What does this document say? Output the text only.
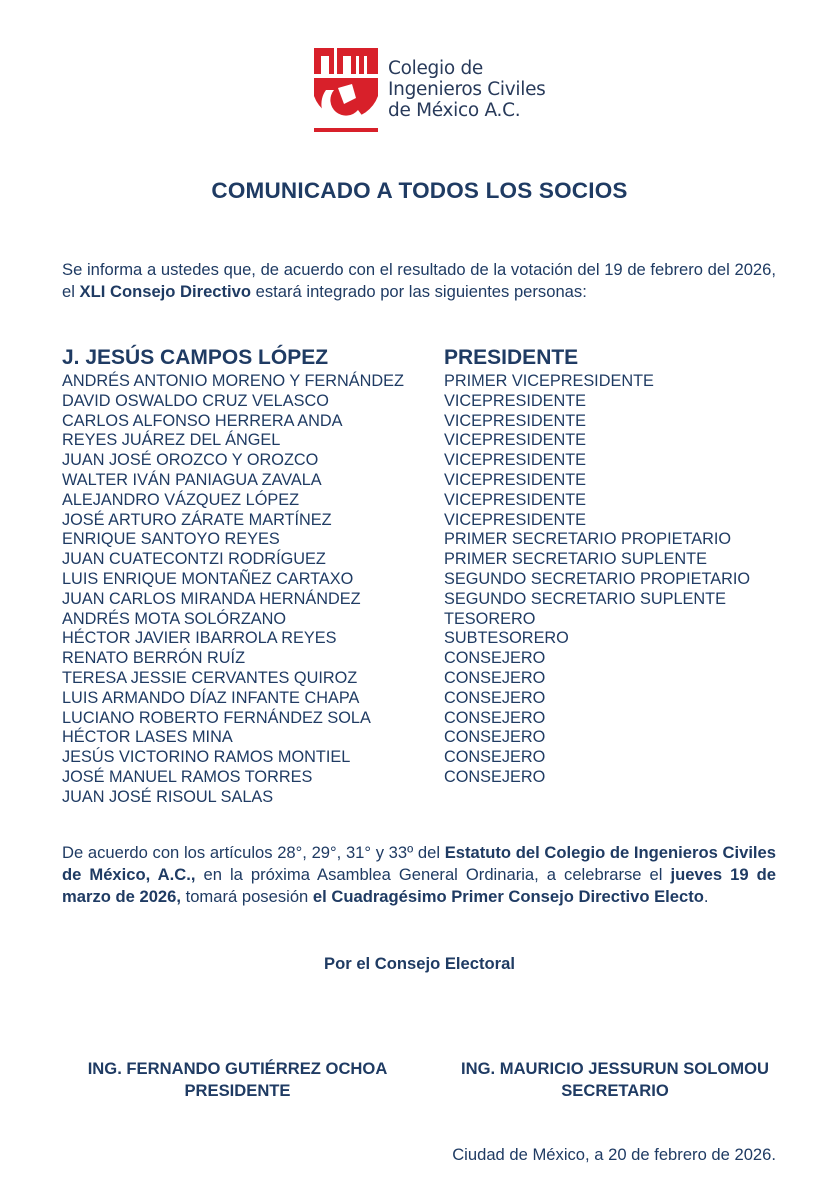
Colegio de
Ingenieros Civiles
de México A.C.
COMUNICADO A TODOS LOS SOCIOS
Se informa a ustedes que, de acuerdo con el resultado de la votación del 19 de febrero del 2026, el XLI Consejo Directivo estará integrado por las siguientes personas:
J. JESÚS CAMPOS LÓPEZ	PRESIDENTE
ANDRÉS ANTONIO MORENO Y FERNÁNDEZ	PRIMER VICEPRESIDENTE
DAVID OSWALDO CRUZ VELASCO	VICEPRESIDENTE
CARLOS ALFONSO HERRERA ANDA	VICEPRESIDENTE
REYES JUÁREZ DEL ÁNGEL	VICEPRESIDENTE
JUAN JOSÉ OROZCO Y OROZCO	VICEPRESIDENTE
WALTER IVÁN PANIAGUA ZAVALA	VICEPRESIDENTE
ALEJANDRO VÁZQUEZ LÓPEZ	VICEPRESIDENTE
JOSÉ ARTURO ZÁRATE MARTÍNEZ	VICEPRESIDENTE
ENRIQUE SANTOYO REYES	PRIMER SECRETARIO PROPIETARIO
JUAN CUATECONTZI RODRÍGUEZ	PRIMER SECRETARIO SUPLENTE
LUIS ENRIQUE MONTAÑEZ CARTAXO	SEGUNDO SECRETARIO PROPIETARIO
JUAN CARLOS MIRANDA HERNÁNDEZ	SEGUNDO SECRETARIO SUPLENTE
ANDRÉS MOTA SOLÓRZANO	TESORERO
HÉCTOR JAVIER IBARROLA REYES	SUBTESORERO
RENATO BERRÓN RUÍZ	CONSEJERO
TERESA JESSIE CERVANTES QUIROZ	CONSEJERO
LUIS ARMANDO DÍAZ INFANTE CHAPA	CONSEJERO
LUCIANO ROBERTO FERNÁNDEZ SOLA	CONSEJERO
HÉCTOR LASES MINA	CONSEJERO
JESÚS VICTORINO RAMOS MONTIEL	CONSEJERO
JOSÉ MANUEL RAMOS TORRES	CONSEJERO
JUAN JOSÉ RISOUL SALAS
De acuerdo con los artículos 28°, 29°, 31° y 33º del Estatuto del Colegio de Ingenieros Civiles de México, A.C., en la próxima Asamblea General Ordinaria, a celebrarse el jueves 19 de marzo de 2026, tomará posesión el Cuadragésimo Primer Consejo Directivo Electo.
Por el Consejo Electoral
ING. FERNANDO GUTIÉRREZ OCHOA
PRESIDENTE
ING. MAURICIO JESSURUN SOLOMOU
SECRETARIO
Ciudad de México, a 20 de febrero de 2026.
